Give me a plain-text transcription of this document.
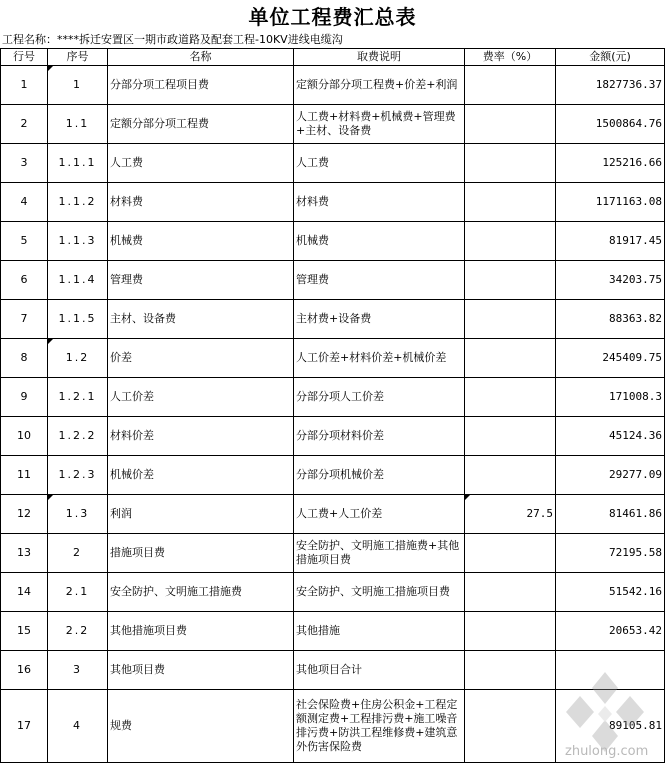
单位工程费汇总表
工程名称：****拆迁安置区一期市政道路及配套工程-10KV进线电缆沟
行号	序号	名称	取费说明	费率（%）	金额(元)
1	1	分部分项工程项目费	定额分部分项工程费+价差+利润		1827736.37
2	1.1	定额分部分项工程费	人工费+材料费+机械费+管理费+主材、设备费		1500864.76
3	1.1.1	人工费	人工费		125216.66
4	1.1.2	材料费	材料费		1171163.08
5	1.1.3	机械费	机械费		81917.45
6	1.1.4	管理费	管理费		34203.75
7	1.1.5	主材、设备费	主材费+设备费		88363.82
8	1.2	价差	人工价差+材料价差+机械价差		245409.75
9	1.2.1	人工价差	分部分项人工价差		171008.3
10	1.2.2	材料价差	分部分项材料价差		45124.36
11	1.2.3	机械价差	分部分项机械价差		29277.09
12	1.3	利润	人工费+人工价差	27.5	81461.86
13	2	措施项目费	安全防护、文明施工措施费+其他措施项目费		72195.58
14	2.1	安全防护、文明施工措施费	安全防护、文明施工措施项目费		51542.16
15	2.2	其他措施项目费	其他措施		20653.42
16	3	其他项目费	其他项目合计		
17	4	规费	社会保险费+住房公积金+工程定额测定费+工程排污费+施工噪音排污费+防洪工程维修费+建筑意外伤害保险费		89105.81
zhulong.com
